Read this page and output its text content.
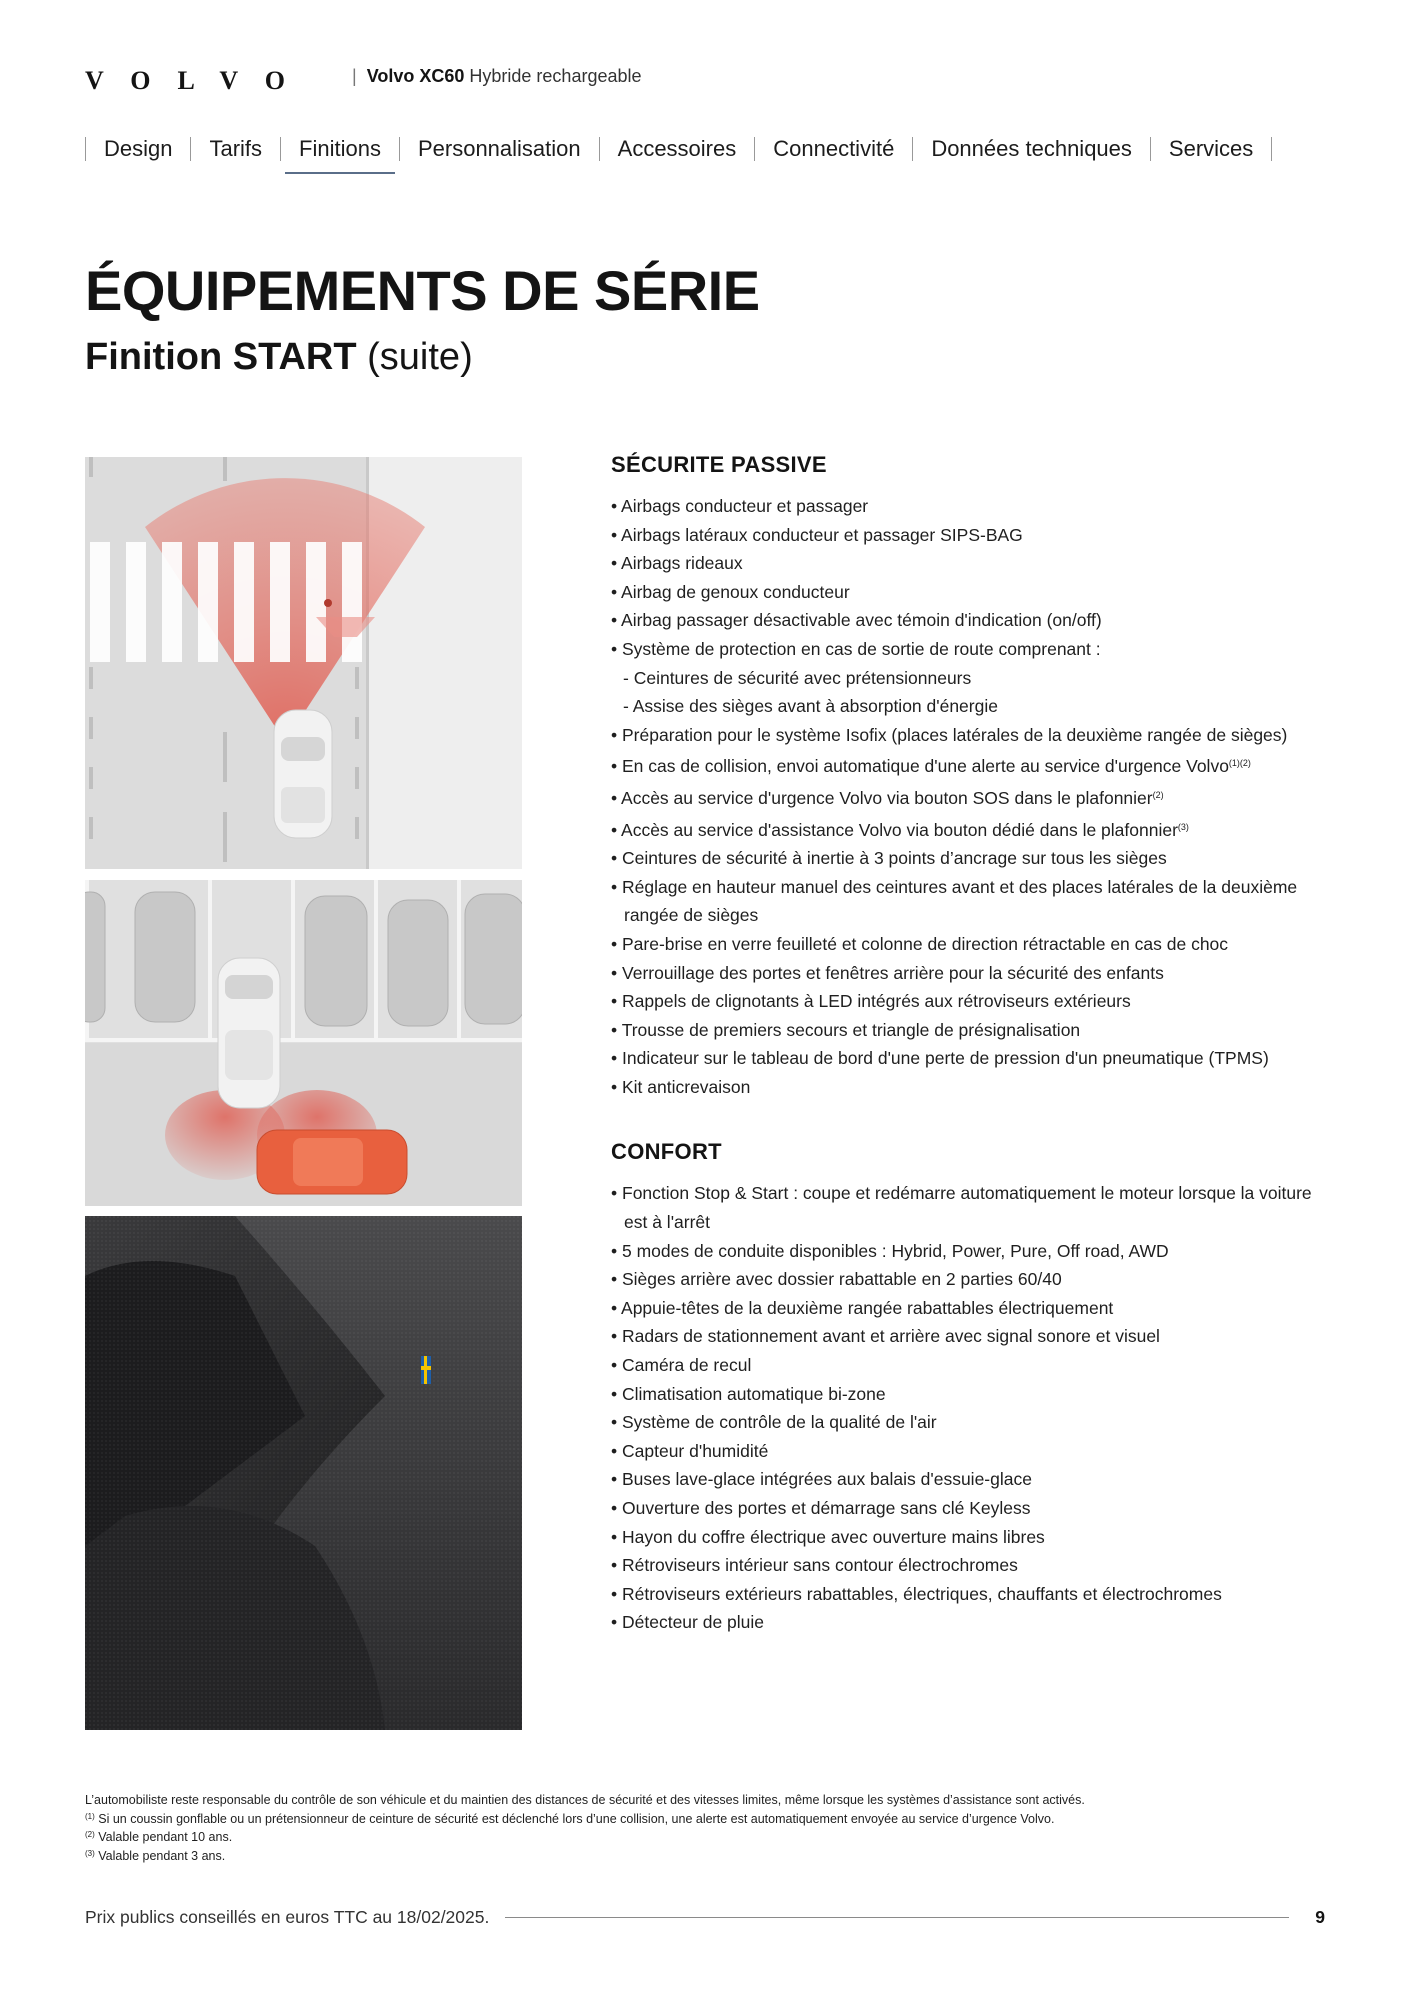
VOLVO | Volvo XC60 Hybride rechargeable
Design	Tarifs	Finitions	Personnalisation	Accessoires	Connectivité	Données techniques	Services
ÉQUIPEMENTS DE SÉRIE
Finition START (suite)
SÉCURITE PASSIVE
• Airbags conducteur et passager
• Airbags latéraux conducteur et passager SIPS-BAG
• Airbags rideaux
• Airbag de genoux conducteur
• Airbag passager désactivable avec témoin d'indication (on/off)
• Système de protection en cas de sortie de route comprenant :
- Ceintures de sécurité avec prétensionneurs
- Assise des sièges avant à absorption d'énergie
• Préparation pour le système Isofix (places latérales de la deuxième rangée de sièges)
• En cas de collision, envoi automatique d'une alerte au service d'urgence Volvo$^{(1)(2)}$
• Accès au service d'urgence Volvo via bouton SOS dans le plafonnier$^{(2)}$
• Accès au service d'assistance Volvo via bouton dédié dans le plafonnier$^{(3)}$
• Ceintures de sécurité à inertie à 3 points d’ancrage sur tous les sièges
• Réglage en hauteur manuel des ceintures avant et des places latérales de la deuxième rangée de sièges
• Pare-brise en verre feuilleté et colonne de direction rétractable en cas de choc
• Verrouillage des portes et fenêtres arrière pour la sécurité des enfants
• Rappels de clignotants à LED intégrés aux rétroviseurs extérieurs
• Trousse de premiers secours et triangle de présignalisation
• Indicateur sur le tableau de bord d'une perte de pression d'un pneumatique (TPMS)
• Kit anticrevaison
CONFORT
• Fonction Stop & Start : coupe et redémarre automatiquement le moteur lorsque la voiture est à l'arrêt
• 5 modes de conduite disponibles : Hybrid, Power, Pure, Off road, AWD
• Sièges arrière avec dossier rabattable en 2 parties 60/40
• Appuie-têtes de la deuxième rangée rabattables électriquement
• Radars de stationnement avant et arrière avec signal sonore et visuel
• Caméra de recul
• Climatisation automatique bi-zone
• Système de contrôle de la qualité de l'air
• Capteur d'humidité
• Buses lave-glace intégrées aux balais d'essuie-glace
• Ouverture des portes et démarrage sans clé Keyless
• Hayon du coffre électrique avec ouverture mains libres
• Rétroviseurs intérieur sans contour électrochromes
• Rétroviseurs extérieurs rabattables, électriques, chauffants et électrochromes
• Détecteur de pluie
L’automobiliste reste responsable du contrôle de son véhicule et du maintien des distances de sécurité et des vitesses limites, même lorsque les systèmes d’assistance sont activés.
$^{(1)}$ Si un coussin gonflable ou un prétensionneur de ceinture de sécurité est déclenché lors d’une collision, une alerte est automatiquement envoyée au service d’urgence Volvo.
$^{(2)}$ Valable pendant 10 ans.
$^{(3)}$ Valable pendant 3 ans.
Prix publics conseillés en euros TTC au 18/02/2025.	9
